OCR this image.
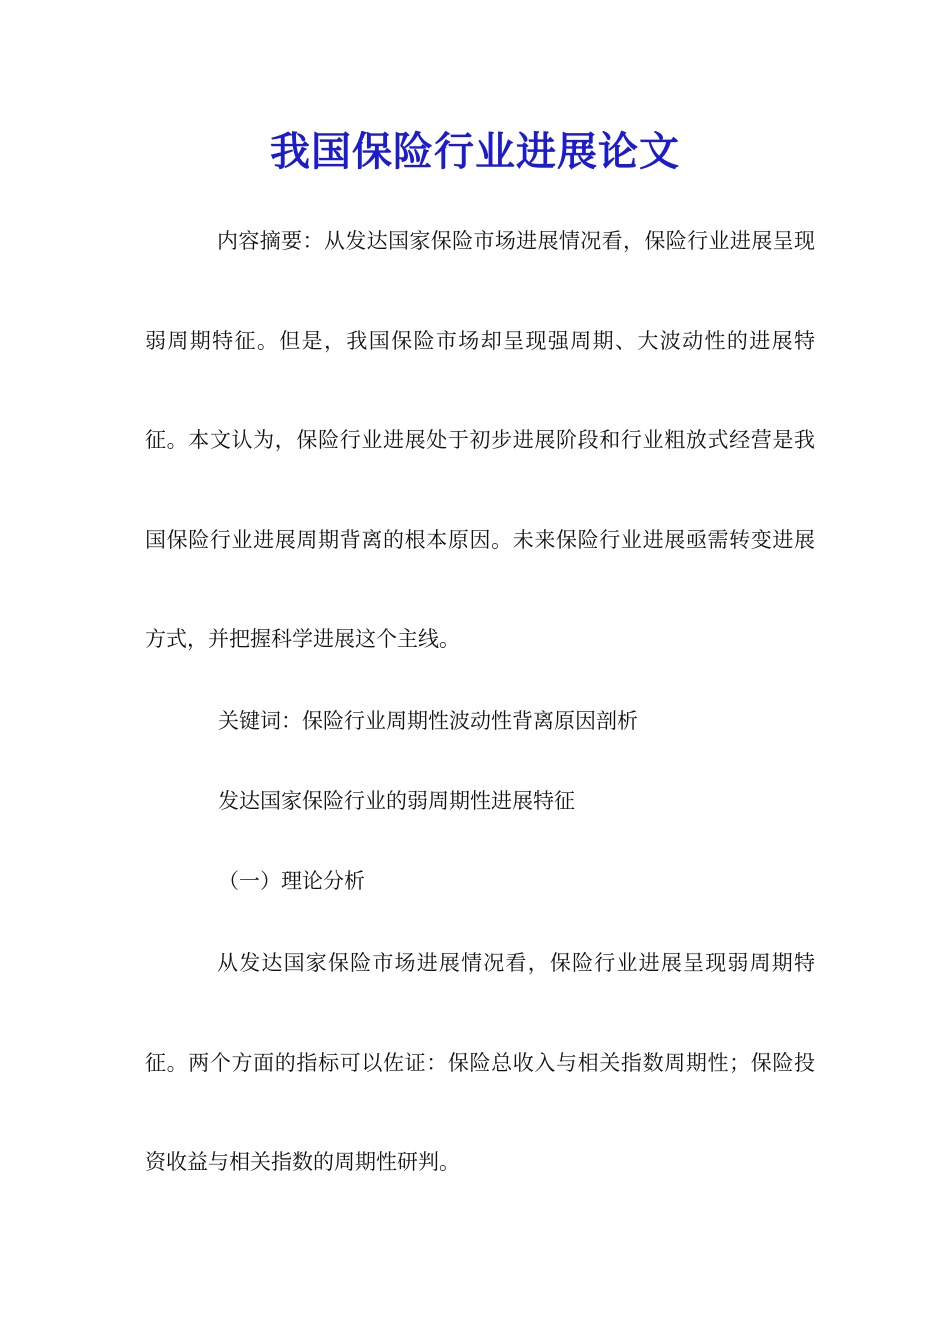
我国保险行业进展论文

内容摘要：从发达国家保险市场进展情况看，保险行业进展呈现弱周期特征。但是，我国保险市场却呈现强周期、大波动性的进展特征。本文认为，保险行业进展处于初步进展阶段和行业粗放式经营是我国保险行业进展周期背离的根本原因。未来保险行业进展亟需转变进展方式，并把握科学进展这个主线。

关键词：保险行业周期性波动性背离原因剖析

发达国家保险行业的弱周期性进展特征

（一）理论分析

从发达国家保险市场进展情况看，保险行业进展呈现弱周期特征。两个方面的指标可以佐证：保险总收入与相关指数周期性；保险投资收益与相关指数的周期性研判。
